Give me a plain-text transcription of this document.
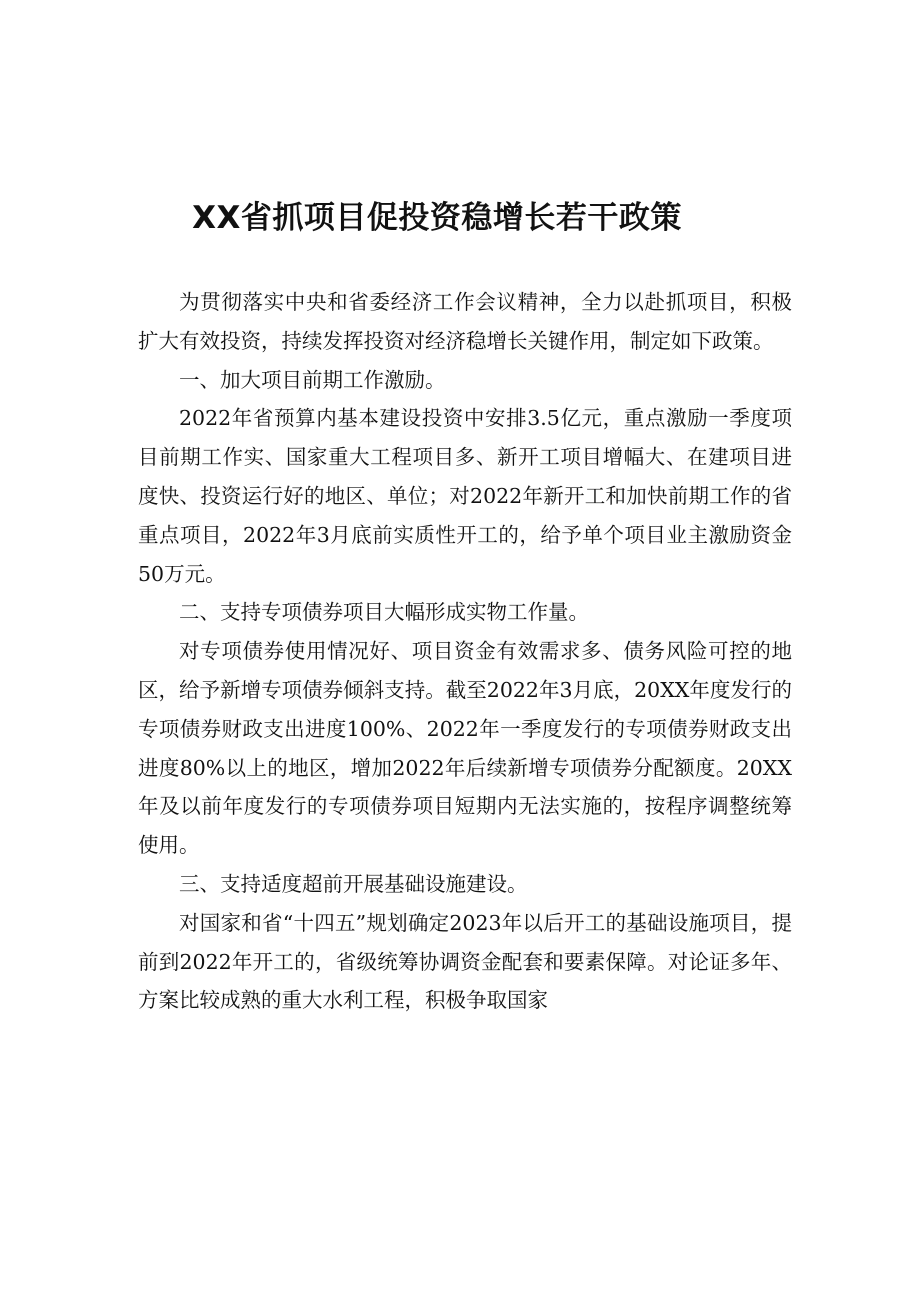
XX省抓项目促投资稳增长若干政策

为贯彻落实中央和省委经济工作会议精神，全力以赴抓项目，积极扩大有效投资，持续发挥投资对经济稳增长关键作用，制定如下政策。

一、加大项目前期工作激励。

2022年省预算内基本建设投资中安排3.5亿元，重点激励一季度项目前期工作实、国家重大工程项目多、新开工项目增幅大、在建项目进度快、投资运行好的地区、单位；对2022年新开工和加快前期工作的省重点项目，2022年3月底前实质性开工的，给予单个项目业主激励资金50万元。

二、支持专项债券项目大幅形成实物工作量。

对专项债券使用情况好、项目资金有效需求多、债务风险可控的地区，给予新增专项债券倾斜支持。截至2022年3月底，20XX年度发行的专项债券财政支出进度100%、2022年一季度发行的专项债券财政支出进度80%以上的地区，增加2022年后续新增专项债券分配额度。20XX年及以前年度发行的专项债券项目短期内无法实施的，按程序调整统筹使用。

三、支持适度超前开展基础设施建设。

对国家和省“十四五”规划确定2023年以后开工的基础设施项目，提前到2022年开工的，省级统筹协调资金配套和要素保障。对论证多年、方案比较成熟的重大水利工程，积极争取国家
